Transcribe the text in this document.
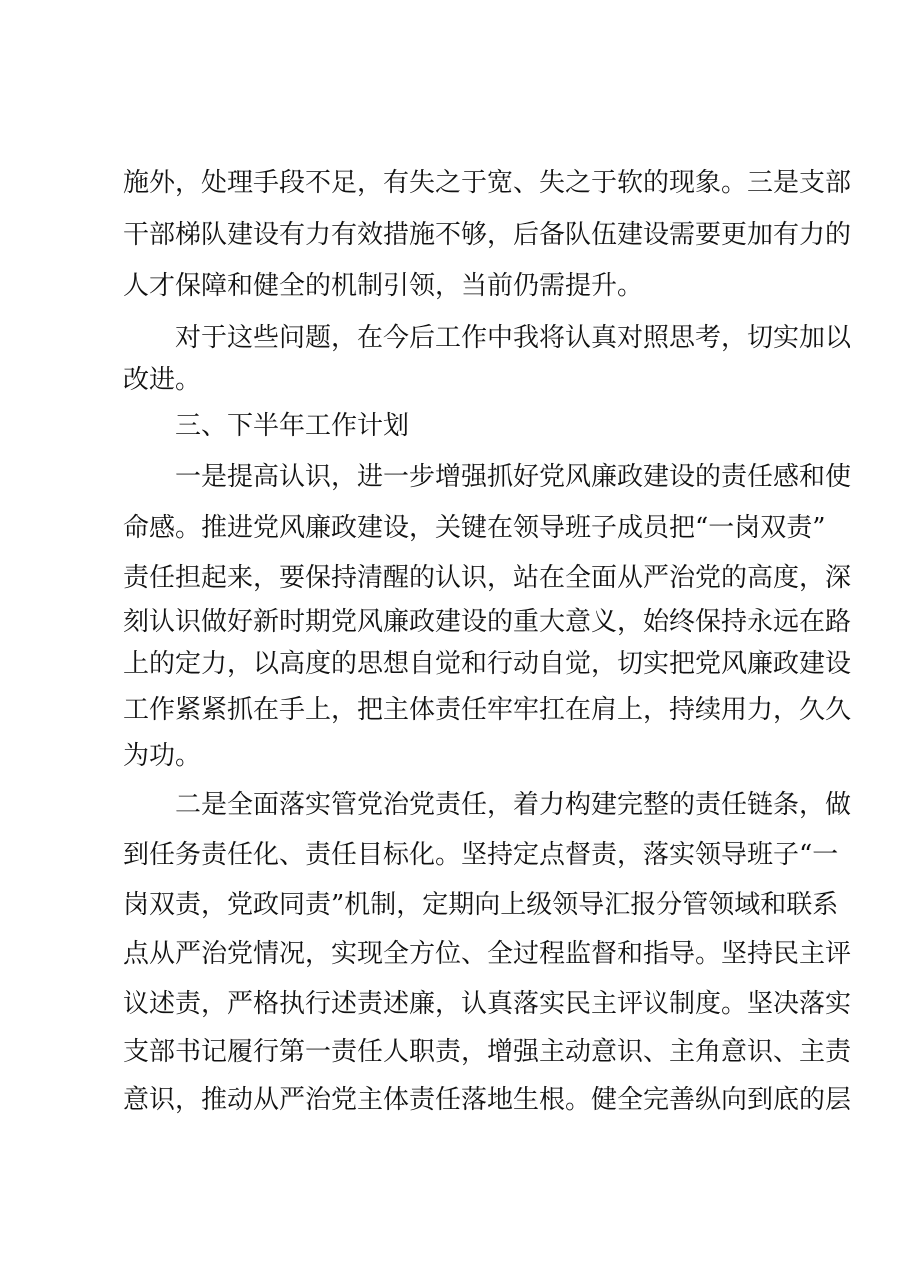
施外，处理手段不足，有失之于宽、失之于软的现象。三是支部
干部梯队建设有力有效措施不够，后备队伍建设需要更加有力的
人才保障和健全的机制引领，当前仍需提升。
对于这些问题，在今后工作中我将认真对照思考，切实加以
改进。
三、下半年工作计划
一是提高认识，进一步增强抓好党风廉政建设的责任感和使
命感。推进党风廉政建设，关键在领导班子成员把“一岗双责”
责任担起来，要保持清醒的认识，站在全面从严治党的高度，深
刻认识做好新时期党风廉政建设的重大意义，始终保持永远在路
上的定力，以高度的思想自觉和行动自觉，切实把党风廉政建设
工作紧紧抓在手上，把主体责任牢牢扛在肩上，持续用力，久久
为功。
二是全面落实管党治党责任，着力构建完整的责任链条，做
到任务责任化、责任目标化。坚持定点督责，落实领导班子“一
岗双责，党政同责”机制，定期向上级领导汇报分管领域和联系
点从严治党情况，实现全方位、全过程监督和指导。坚持民主评
议述责，严格执行述责述廉，认真落实民主评议制度。坚决落实
支部书记履行第一责任人职责，增强主动意识、主角意识、主责
意识，推动从严治党主体责任落地生根。健全完善纵向到底的层
